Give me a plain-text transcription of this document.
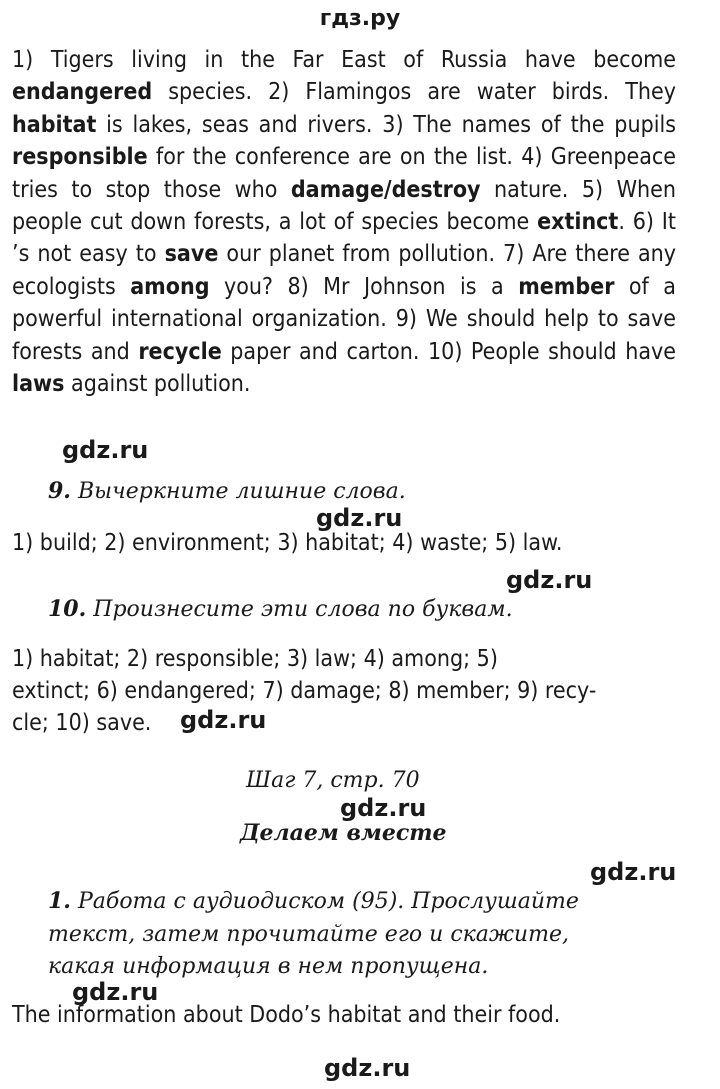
гдз.ру
1) Tigers living in the Far East of Russia have become endangered species. 2) Flamingos are water birds. They habitat is lakes, seas and rivers. 3) The names of the pupils responsible for the conference are on the list. 4) Greenpeace tries to stop those who damage/destroy nature. 5) When people cut down forests, a lot of species become extinct. 6) It ’s not easy to save our planet from pollution. 7) Are there any ecologists among you? 8) Mr Johnson is a member of a powerful international organization. 9) We should help to save forests and recycle paper and carton. 10) People should have laws against pollution.
gdz.ru
9. Вычеркните лишние слова.
gdz.ru
1) build; 2) environment; 3) habitat; 4) waste; 5) law.
gdz.ru
10. Произнесите эти слова по буквам.
1) habitat; 2) responsible; 3) law; 4) among; 5)
extinct; 6) endangered; 7) damage; 8) member; 9) recy-
cle; 10) save. gdz.ru
Шаг 7, стр. 70
gdz.ru
Делаем вместе
gdz.ru
1. Работа с аудиодиском (95). Прослушайте
текст, затем прочитайте его и скажите,
какая информация в нем пропущена.
gdz.ru
The information about Dodo’s habitat and their food.
gdz.ru
